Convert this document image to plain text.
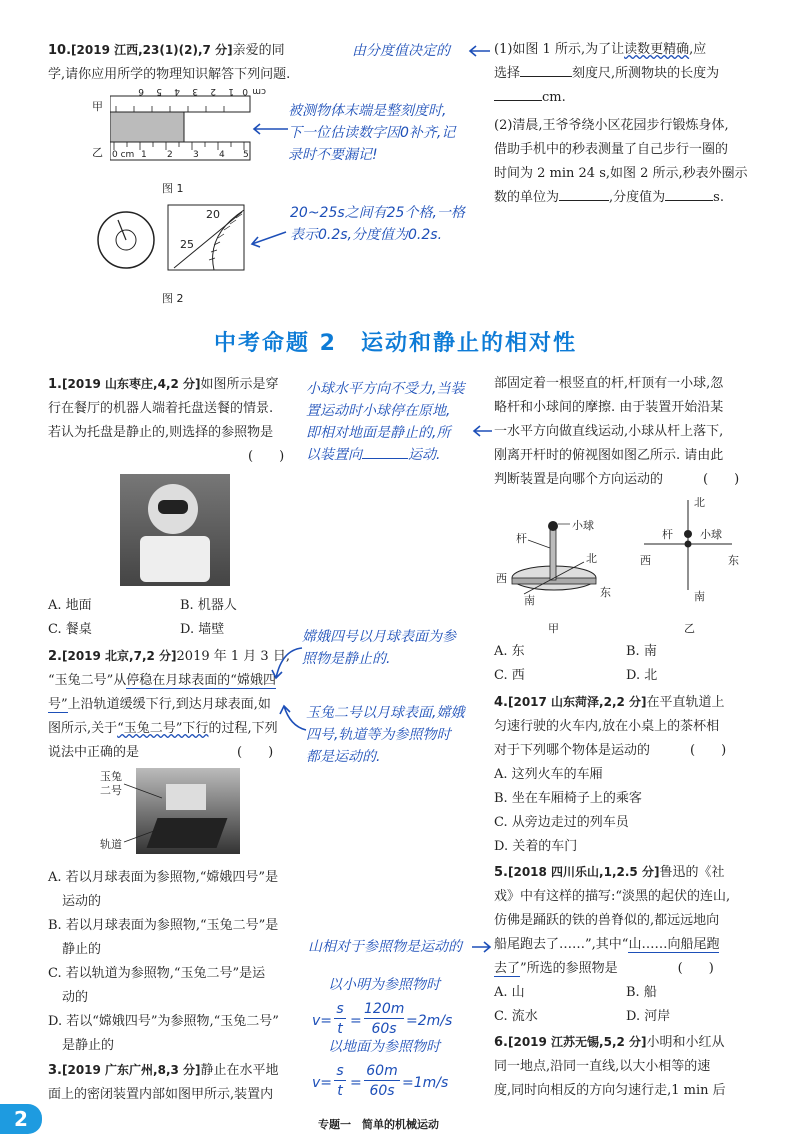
10.[2019 江西,23(1)(2),7 分]亲爱的同
学,请你应用所学的物理知识解答下列问题.
甲
乙 0 cm 1 2 3 4 5
0
1
2
3
4
5
6	cm
图 1
20
25
图 2
(1)如图 1 所示,为了让读数更精确,应
选择	刻度尺,所测物块的长度为
cm.
(2)清晨,王爷爷绕小区花园步行锻炼身体,
借助手机中的秒表测量了自己步行一圈的
时间为 2 min 24 s,如图 2 所示,秒表外圈示
数的单位为	,分度值为	s.
由分度值决定的
被测物体末端是整刻度时,
下一位估读数字因0补齐,记
录时不要漏记!
20~25s之间有25个格,一格
表示0.2s,分度值为0.2s.
中考命题 2　 运动和静止的相对性
1.[2019 山东枣庄,4,2 分]如图所示是穿
行在餐厅的机器人端着托盘送餐的情景.
若认为托盘是静止的,则选择的参照物是
(　　)
A. 地面	B. 机器人
C. 餐桌	D. 墙壁
2.[2019 北京,7,2 分]2019 年 1 月 3 日,
“玉兔二号”从停稳在月球表面的“嫦娥四
号”上沿轨道缓缓下行,到达月球表面,如
图所示,关于“玉兔二号”下行的过程,下列
说法中正确的是	(　　)
玉兔
二号
轨道
A. 若以月球表面为参照物,“嫦娥四号”是
运动的
B. 若以月球表面为参照物,“玉兔二号”是
静止的
C. 若以轨道为参照物,“玉兔二号”是运
动的
D. 若以“嫦娥四号”为参照物,“玉兔二号”
是静止的
3.[2019 广东广州,8,3 分]静止在水平地
面上的密闭装置内部如图甲所示,装置内
部固定着一根竖直的杆,杆顶有一小球,忽
略杆和小球间的摩擦. 由于装置开始沿某
一水平方向做直线运动,小球从杆上落下,
刚离开杆时的俯视图如图乙所示. 请由此
判断装置是向哪个方向运动的	(　　)
小球
杆
北
西
东
南
甲
北
杆 小球
西	东
南
乙
A. 东	B. 南
C. 西	D. 北
4.[2017 山东菏泽,2,2 分]在平直轨道上
匀速行驶的火车内,放在小桌上的茶杯相
对于下列哪个物体是运动的	(　　)
A. 这列火车的车厢
B. 坐在车厢椅子上的乘客
C. 从旁边走过的列车员
D. 关着的车门
5.[2018 四川乐山,1,2.5 分]鲁迅的《社
戏》中有这样的描写:“淡黑的起伏的连山,
仿佛是踊跃的铁的兽脊似的,都远远地向
船尾跑去了……”,其中“山……向船尾跑
去了”所选的参照物是	(　　)
A. 山	B. 船
C. 流水	D. 河岸
6.[2019 江苏无锡,5,2 分]小明和小红从
同一地点,沿同一直线,以大小相等的速
度,同时向相反的方向匀速行走,1 min 后
小球水平方向不受力,当装
置运动时小球停在原地,
即相对地面是静止的,所
以装置向	运动.
嫦娥四号以月球表面为参
照物是静止的.
玉兔二号以月球表面,嫦娥
四号,轨道等为参照物时
都是运动的.
山相对于参照物是运动的
以小明为参照物时
v=
s
t =
120m
60s =2m/s
以地面为参照物时
v=
s
t =
60m
60s =1m/s
2	专题一　简单的机械运动
